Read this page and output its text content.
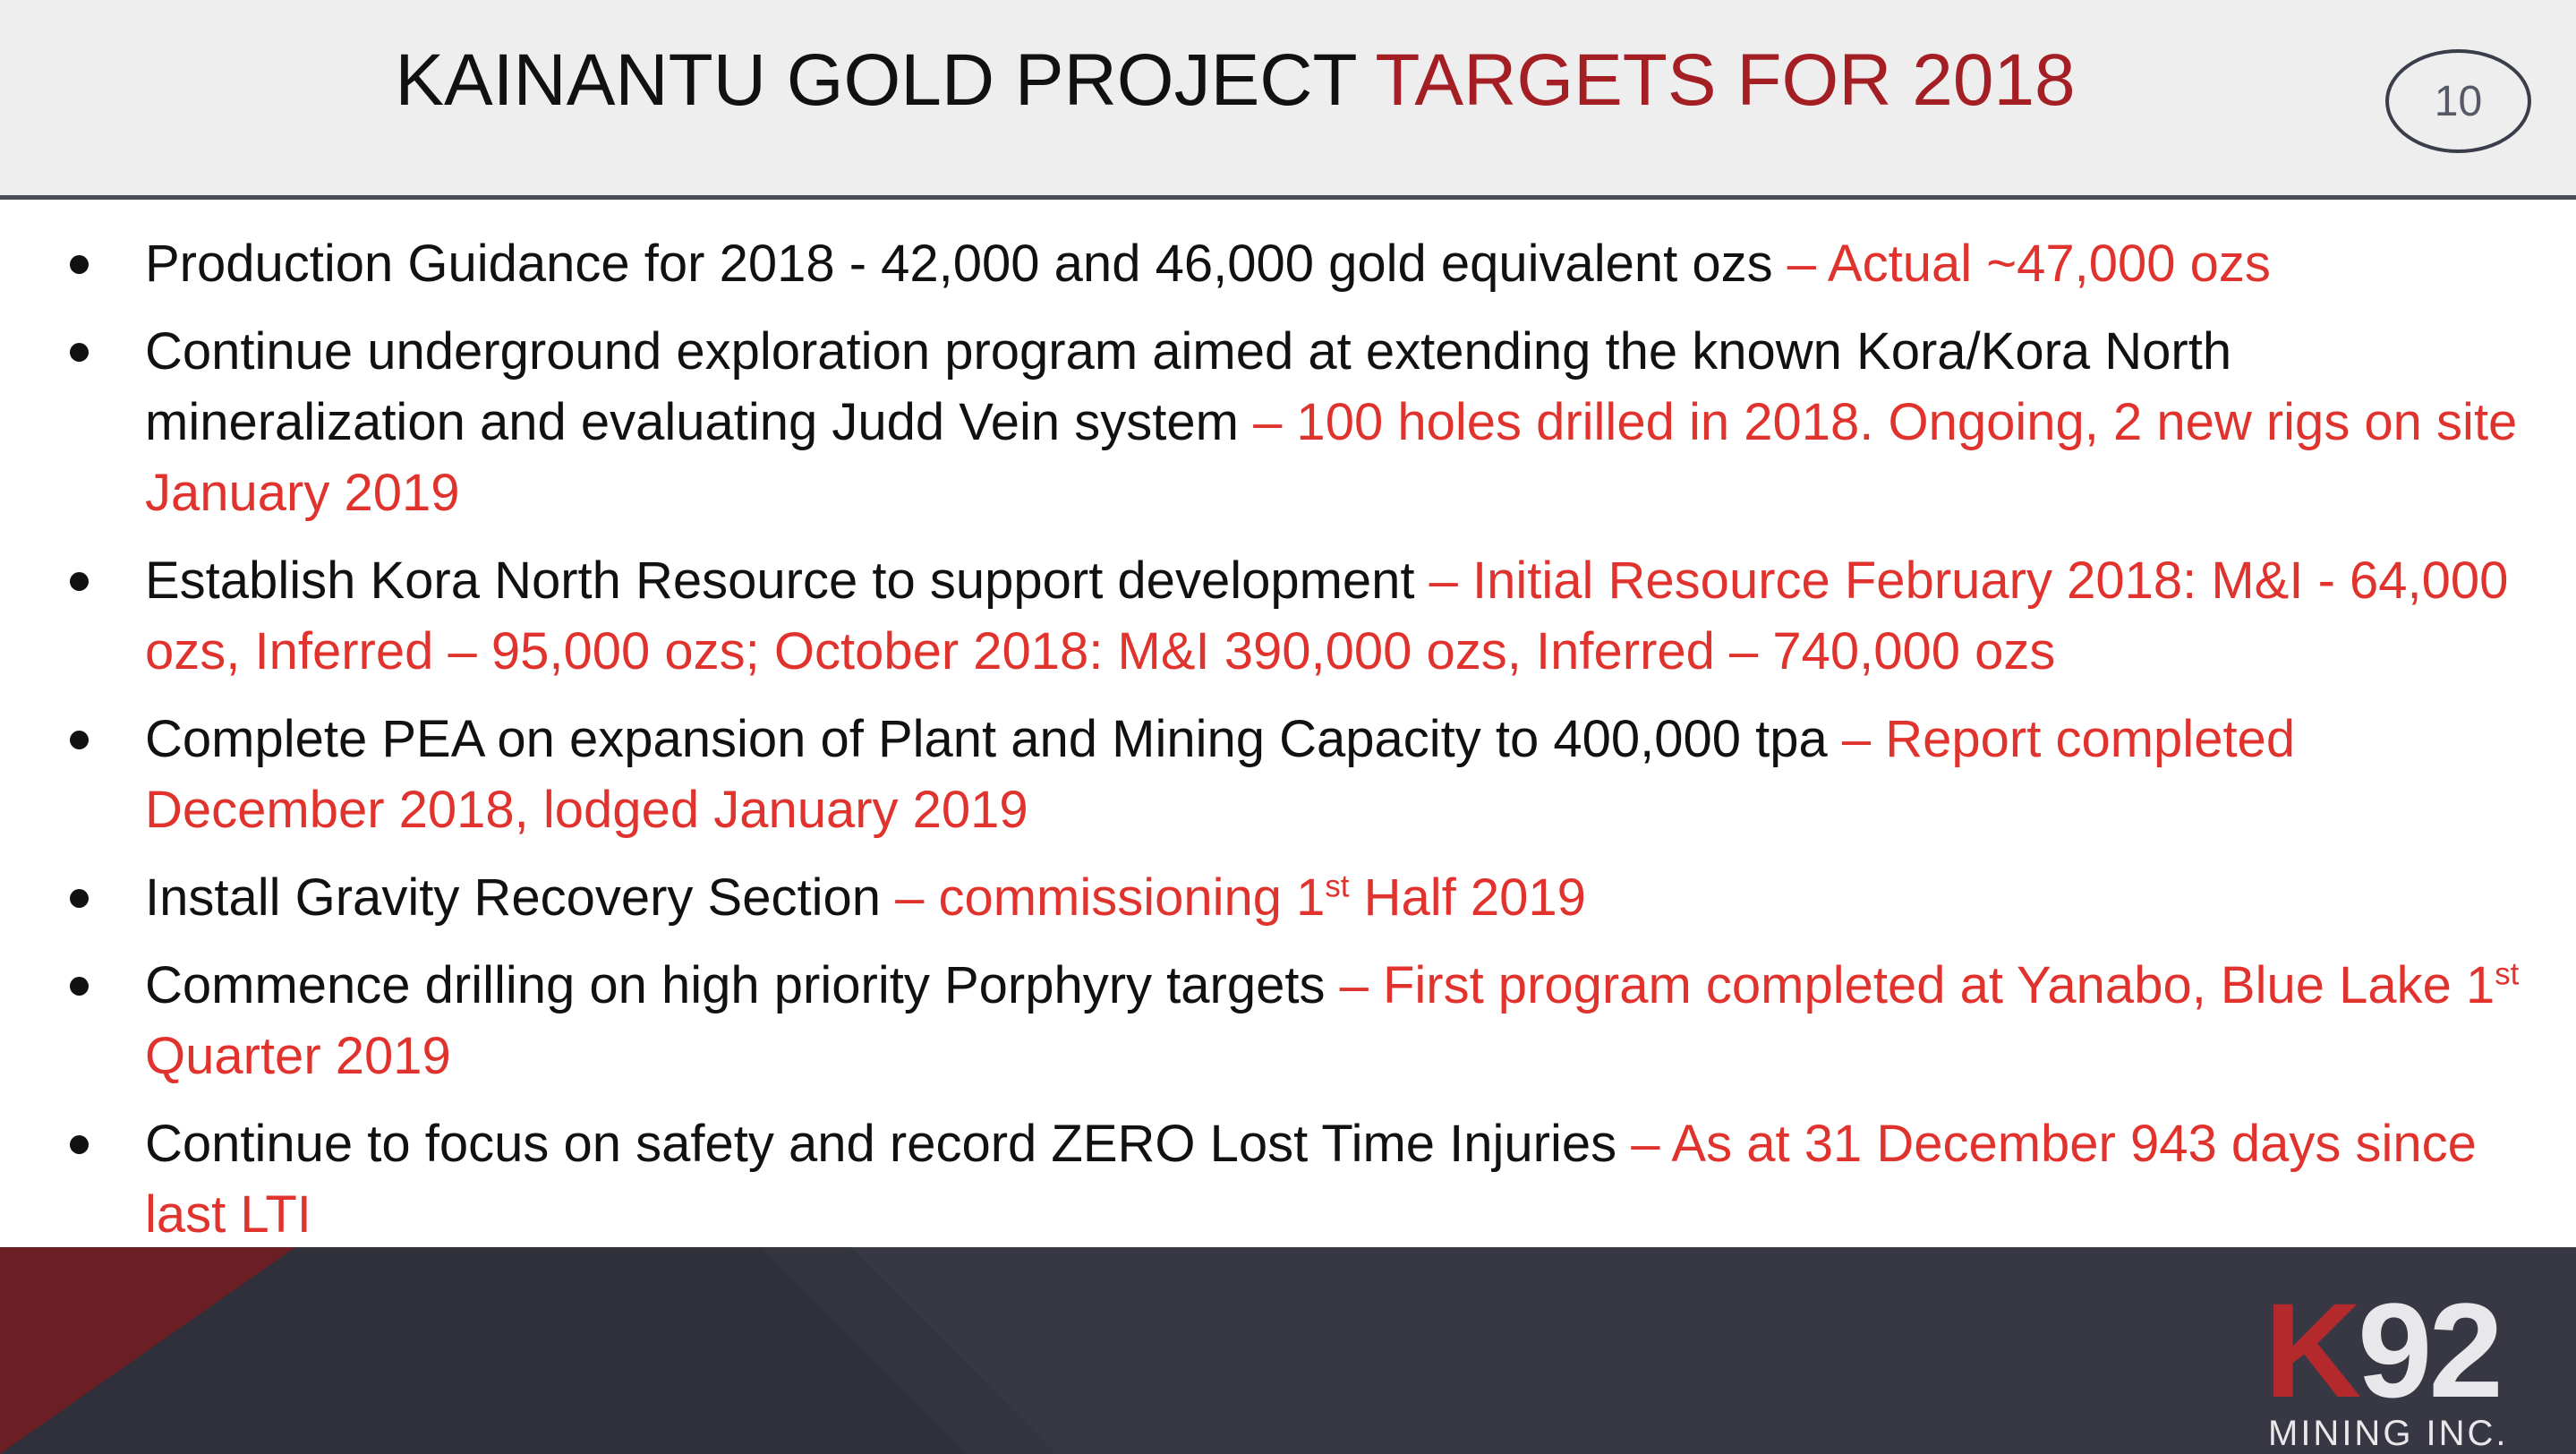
KAINANTU GOLD PROJECT TARGETS FOR 2018	10
Production Guidance for 2018 - 42,000 and 46,000 gold equivalent ozs – Actual ~47,000 ozs
Continue underground exploration program aimed at extending the known Kora/Kora North mineralization and evaluating Judd Vein system – 100 holes drilled in 2018. Ongoing, 2 new rigs on site January 2019
Establish Kora North Resource to support development – Initial Resource February 2018: M&I - 64,000 ozs, Inferred – 95,000 ozs; October 2018: M&I 390,000 ozs, Inferred – 740,000 ozs
Complete PEA on expansion of Plant and Mining Capacity to 400,000 tpa – Report completed December 2018, lodged January 2019
Install Gravity Recovery Section – commissioning 1st Half 2019
Commence drilling on high priority Porphyry targets – First program completed at Yanabo, Blue Lake 1st Quarter 2019
Continue to focus on safety and record ZERO Lost Time Injuries – As at 31 December 943 days since last LTI
K
92
MINING INC.
